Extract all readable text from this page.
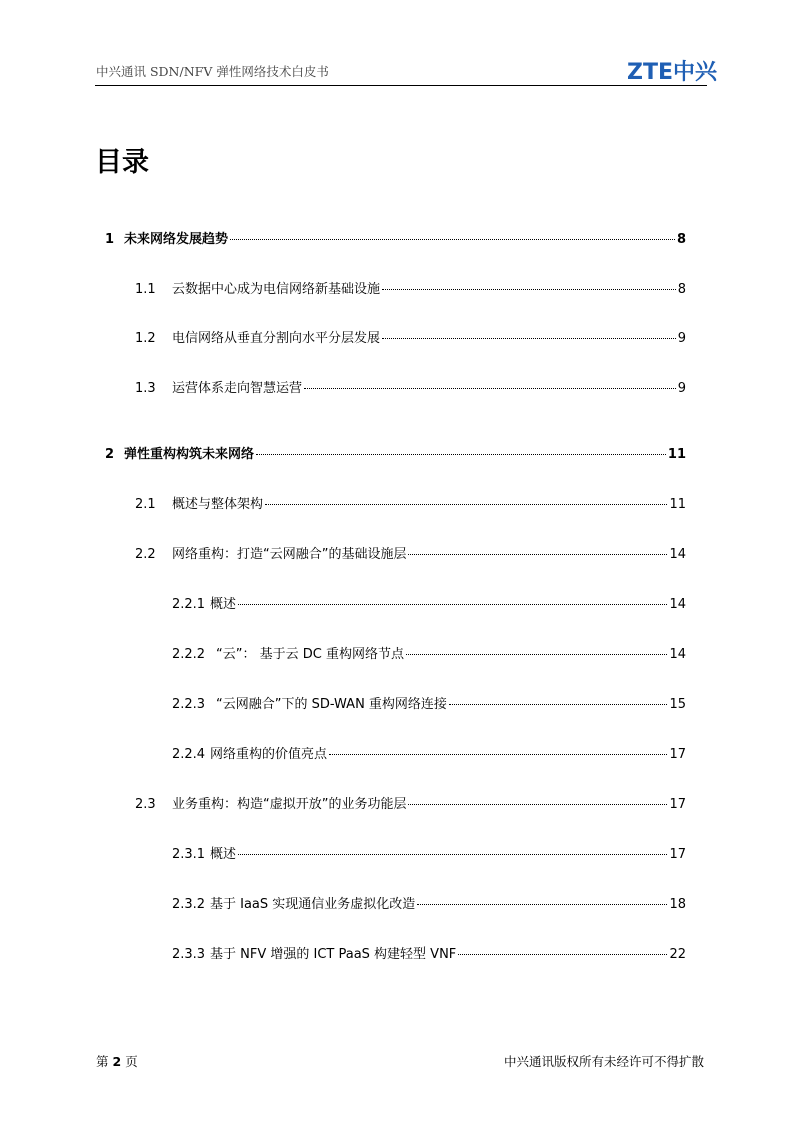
中兴通讯 SDN/NFV 弹性网络技术白皮书	ZTE中兴
目录
1 未来网络发展趋势	8
1.1	云数据中心成为电信网络新基础设施	8
1.2	电信网络从垂直分割向水平分层发展	9
1.3	运营体系走向智慧运营	9
2 弹性重构构筑未来网络	11
2.1	概述与整体架构	11
2.2	网络重构：打造“云网融合”的基础设施层	14
2.2.1 概述	14
2.2.2 “云”： 基于云 DC 重构网络节点	14
2.2.3 “云网融合”下的 SD-WAN 重构网络连接	15
2.2.4 网络重构的价值亮点	17
2.3	业务重构：构造“虚拟开放”的业务功能层	17
2.3.1 概述	17
2.3.2 基于 IaaS 实现通信业务虚拟化改造	18
2.3.3 基于 NFV 增强的 ICT PaaS 构建轻型 VNF	22
第 2 页	中兴通讯版权所有未经许可不得扩散
